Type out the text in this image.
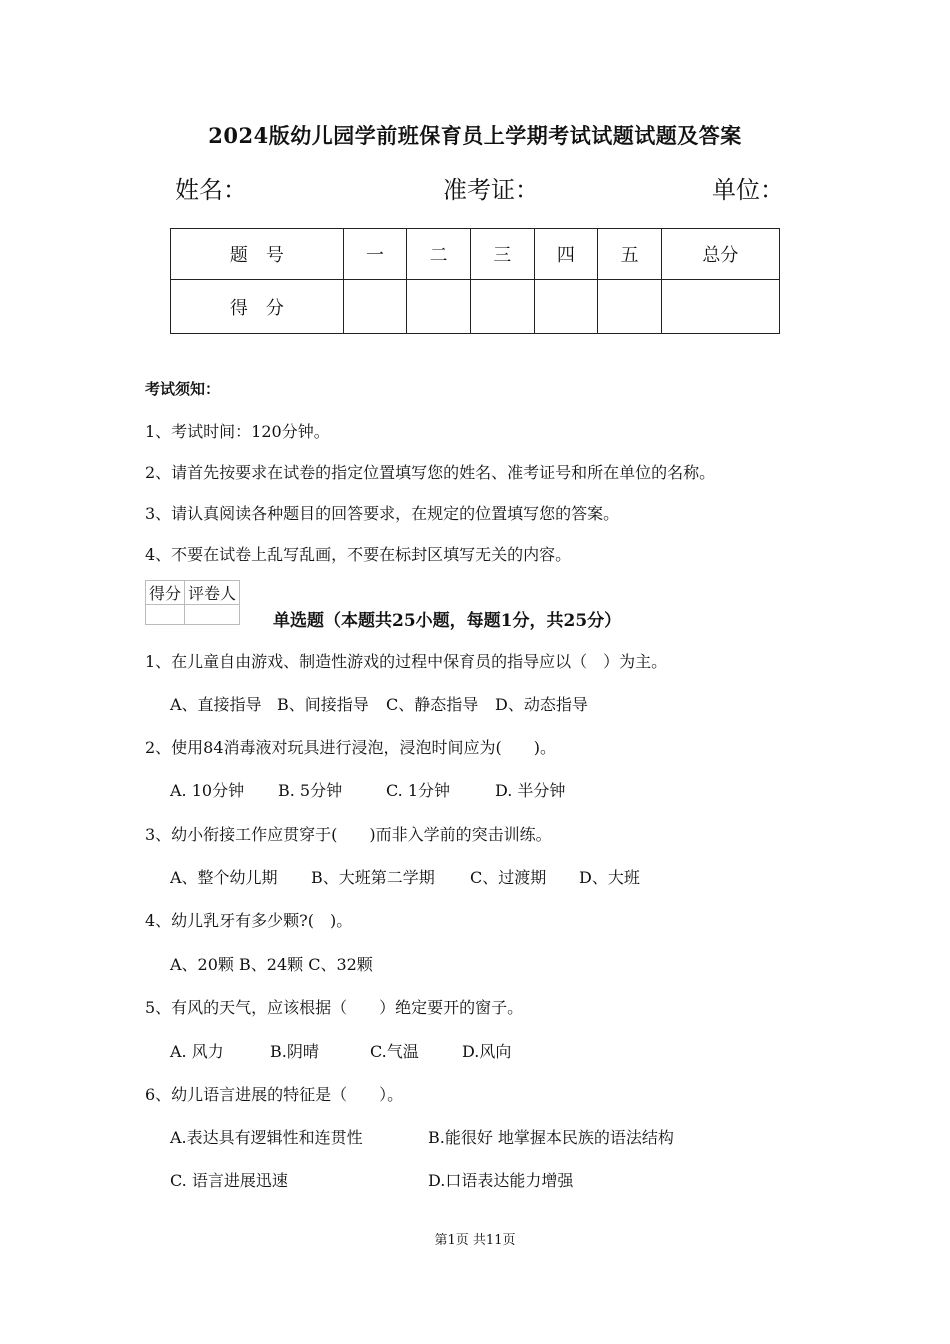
2024版幼儿园学前班保育员上学期考试试题试题及答案
姓名：	准考证：	单位：
题　号	一	二	三	四	五	总分
得　分						
考试须知：
1、考试时间：120分钟。
2、请首先按要求在试卷的指定位置填写您的姓名、准考证号和所在单位的名称。
3、请认真阅读各种题目的回答要求，在规定的位置填写您的答案。
4、不要在试卷上乱写乱画，不要在标封区填写无关的内容。
得分	评卷人

单选题（本题共25小题，每题1分，共25分）
1、在儿童自由游戏、制造性游戏的过程中保育员的指导应以（　）为主。
A、直接指导 B、间接指导 C、静态指导 D、动态指导
2、使用84消毒液对玩具进行浸泡，浸泡时间应为(　　)。
A. 10分钟 B. 5分钟	C. 1分钟	D. 半分钟
3、幼小衔接工作应贯穿于(　　)而非入学前的突击训练。
A、整个幼儿期 B、大班第二学期 C、过渡期 D、大班
4、幼儿乳牙有多少颗?(　)。
A、20颗 B、24颗 C、32颗
5、有风的天气，应该根据（　　）绝定要开的窗子。
A. 风力	B.阴晴	C.气温	D.风向
6、幼儿语言进展的特征是（　　）。
A.表达具有逻辑性和连贯性	B.能很好 地掌握本民族的语法结构
C. 语言进展迅速	D.口语表达能力增强
第1页 共11页
